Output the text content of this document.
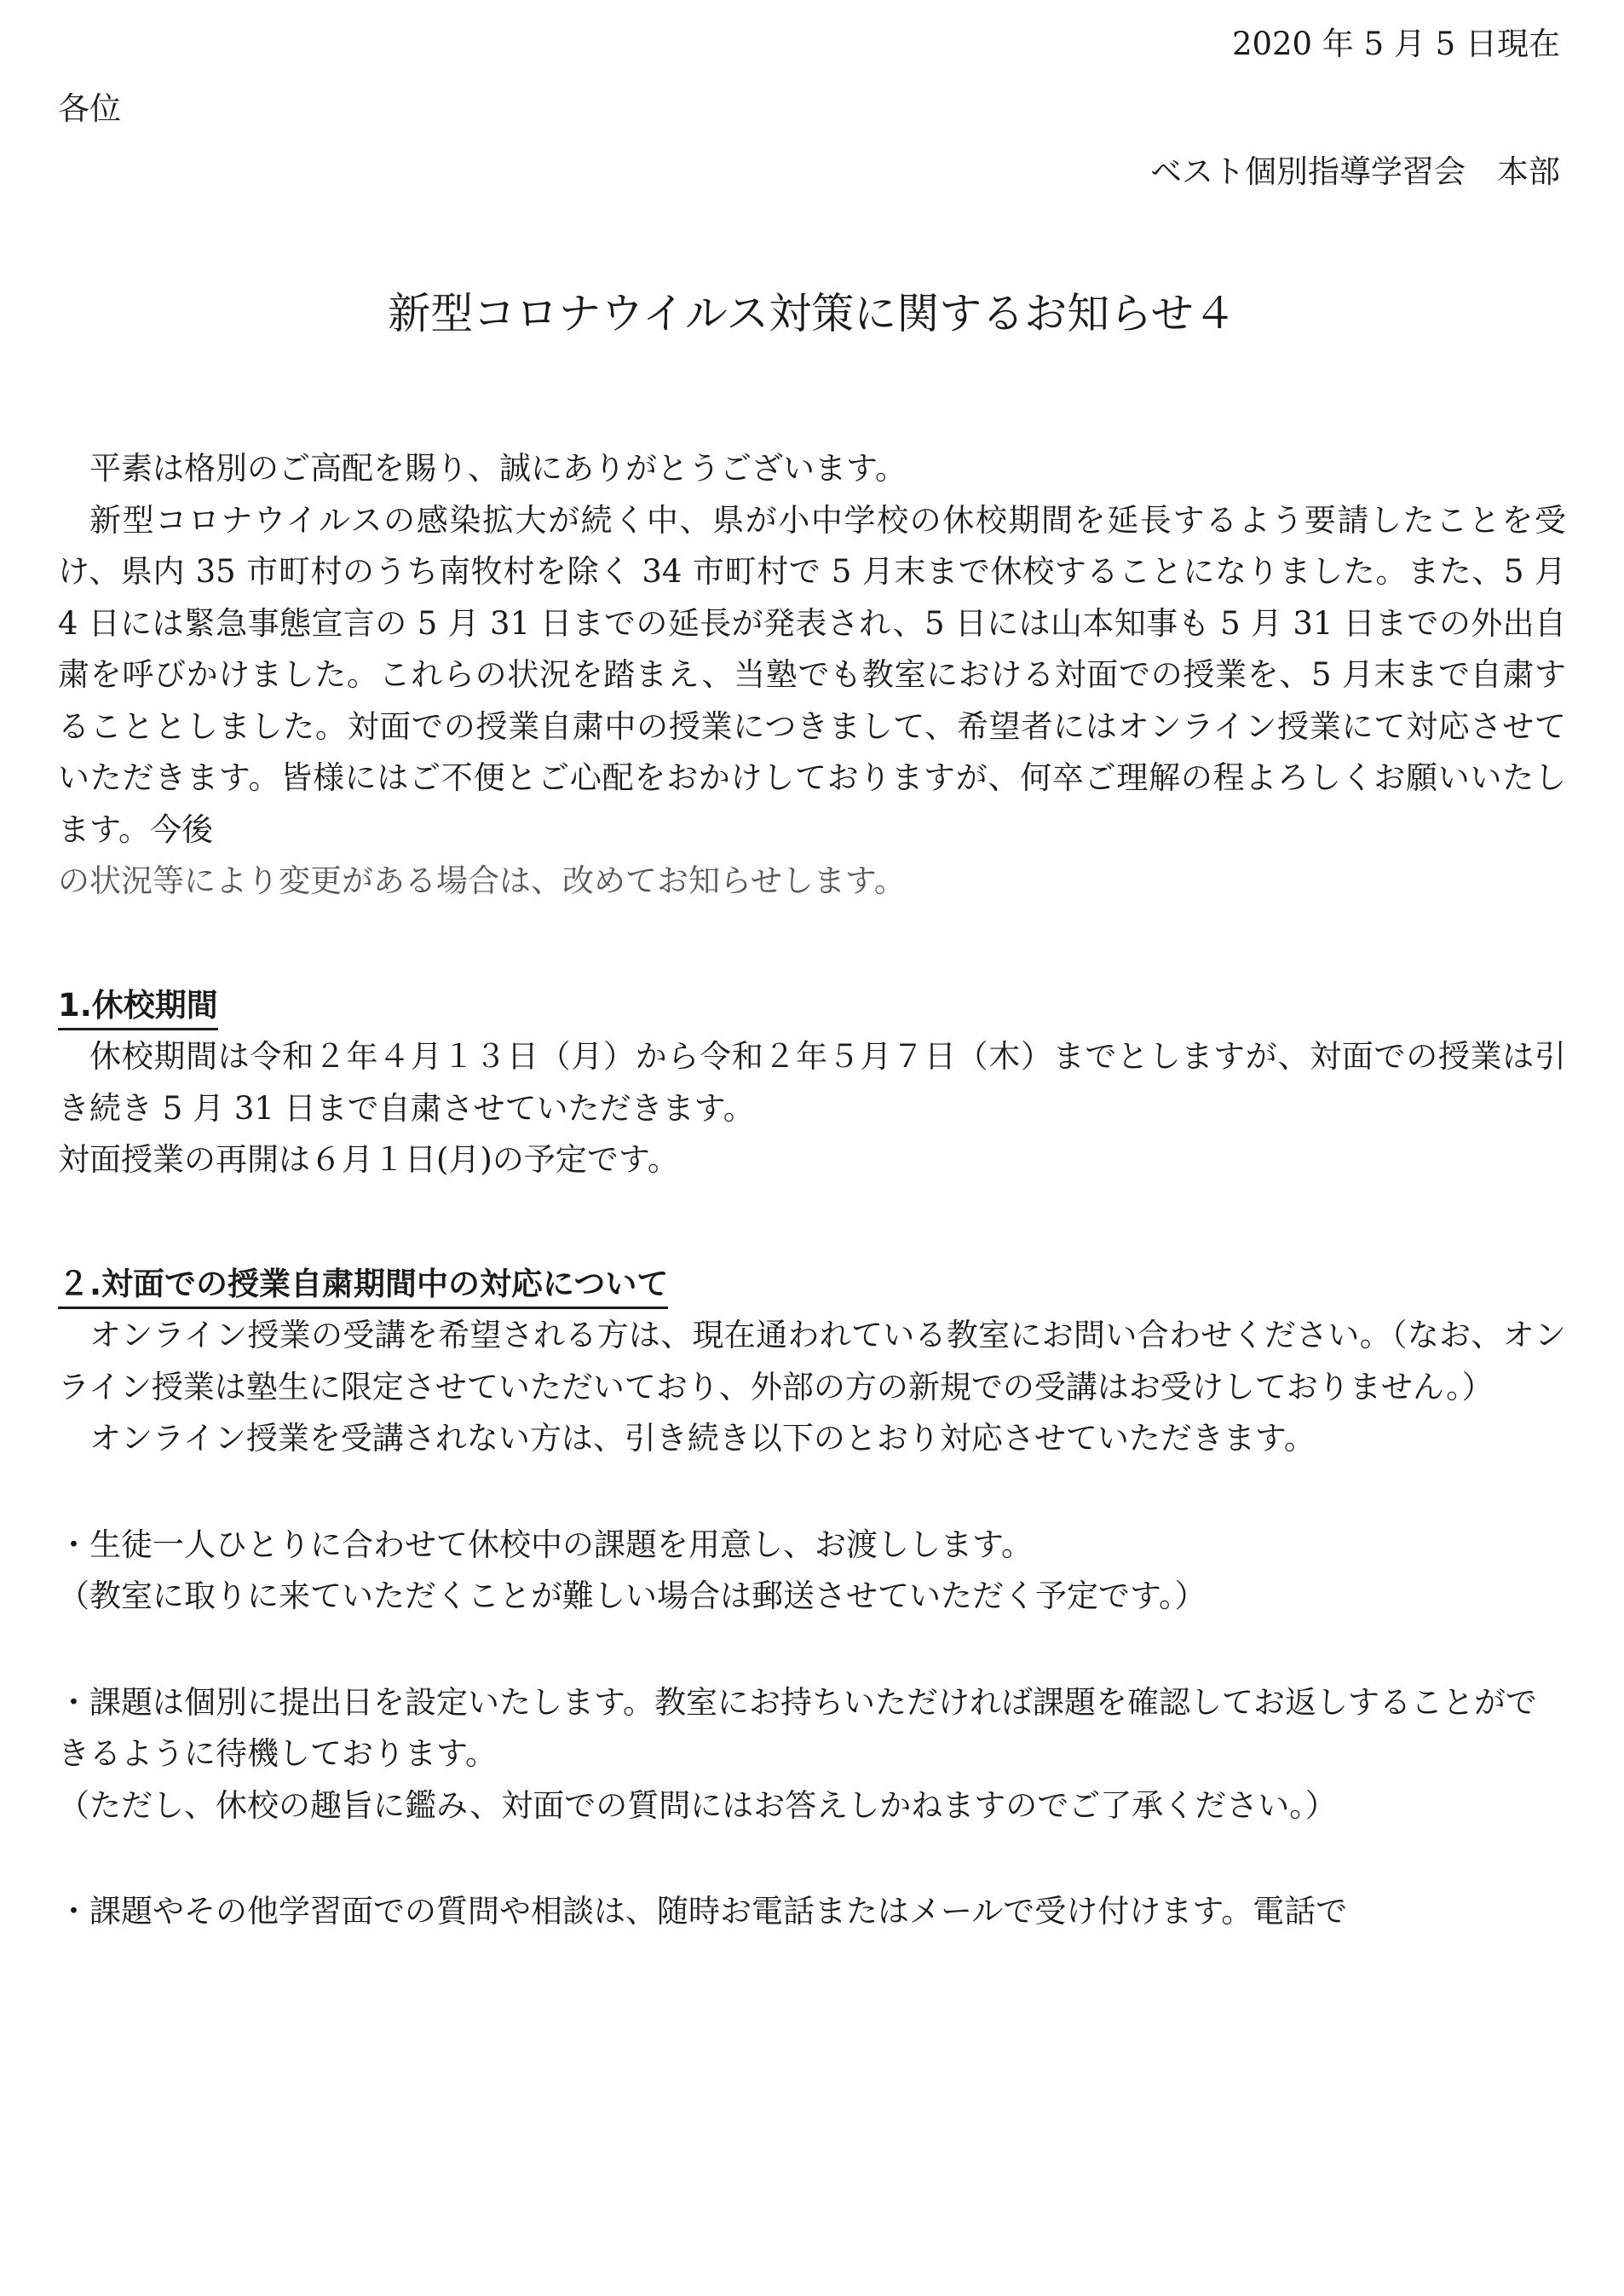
2020 年 5 月 5 日現在
各位
ベスト個別指導学習会　本部
新型コロナウイルス対策に関するお知らせ４

平素は格別のご高配を賜り、誠にありがとうございます。

新型コロナウイルスの感染拡大が続く中、県が小中学校の休校期間を延長するよう要請したことを受け、県内 35 市町村のうち南牧村を除く 34 市町村で 5 月末まで休校することになりました。また、5 月 4 日には緊急事態宣言の 5 月 31 日までの延長が発表され、5 日には山本知事も 5 月 31 日までの外出自粛を呼びかけました。これらの状況を踏まえ、当塾でも教室における対面での授業を、5 月末まで自粛することとしました。対面での授業自粛中の授業につきまして、希望者にはオンライン授業にて対応させていただきます。皆様にはご不便とご心配をおかけしておりますが、何卒ご理解の程よろしくお願いいたします。今後

の状況等により変更がある場合は、改めてお知らせします。

1.休校期間

休校期間は令和２年４月１３日（月）から令和２年５月７日（木）までとしますが、対面での授業は引き続き 5 月 31 日まで自粛させていただきます。

対面授業の再開は６月１日(月)の予定です。

２.対面での授業自粛期間中の対応について

オンライン授業の受講を希望される方は、現在通われている教室にお問い合わせください。（なお、オンライン授業は塾生に限定させていただいており、外部の方の新規での受講はお受けしておりません。）

オンライン授業を受講されない方は、引き続き以下のとおり対応させていただきます。

・生徒一人ひとりに合わせて休校中の課題を用意し、お渡しします。

（教室に取りに来ていただくことが難しい場合は郵送させていただく予定です。）

・課題は個別に提出日を設定いたします。教室にお持ちいただければ課題を確認してお返しすることができるように待機しております。

（ただし、休校の趣旨に鑑み、対面での質問にはお答えしかねますのでご了承ください。）

・課題やその他学習面での質問や相談は、随時お電話またはメールで受け付けます。電話で
